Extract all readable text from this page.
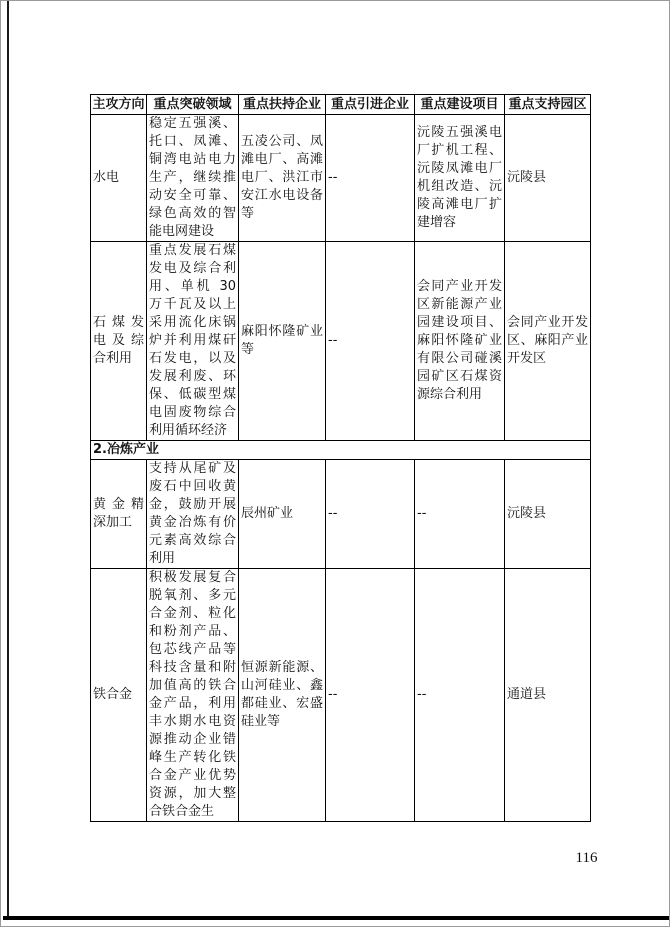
主攻方向	重点突破领域	重点扶持企业	重点引进企业	重点建设项目	重点支持园区
水电	稳定五强溪、托口、凤滩、铜湾电站电力生产，继续推动安全可靠、绿色高效的智能电网建设	五凌公司、凤滩电厂、高滩电厂、洪江市安江水电设备等	--	沅陵五强溪电厂扩机工程、沅陵凤滩电厂机组改造、沅陵高滩电厂扩建增容	沅陵县
石煤发电及综合利用	重点发展石煤发电及综合利用、单机 30 万千瓦及以上采用流化床锅炉并利用煤矸石发电，以及发展利废、环保、低碳型煤电固废物综合利用循环经济	麻阳怀隆矿业等	--	会同产业开发区新能源产业园建设项目、麻阳怀隆矿业有限公司碰溪园矿区石煤资源综合利用	会同产业开发区、麻阳产业开发区
2.冶炼产业					
黄金精深加工	支持从尾矿及废石中回收黄金，鼓励开展黄金冶炼有价元素高效综合利用	辰州矿业	--	--	沅陵县
铁合金	积极发展复合脱氧剂、多元合金剂、粒化和粉剂产品、包芯线产品等科技含量和附加值高的铁合金产品，利用丰水期水电资源推动企业错峰生产转化铁合金产业优势资源，加大整合铁合金生	恒源新能源、山河硅业、鑫都硅业、宏盛硅业等	--	--	通道县
116
